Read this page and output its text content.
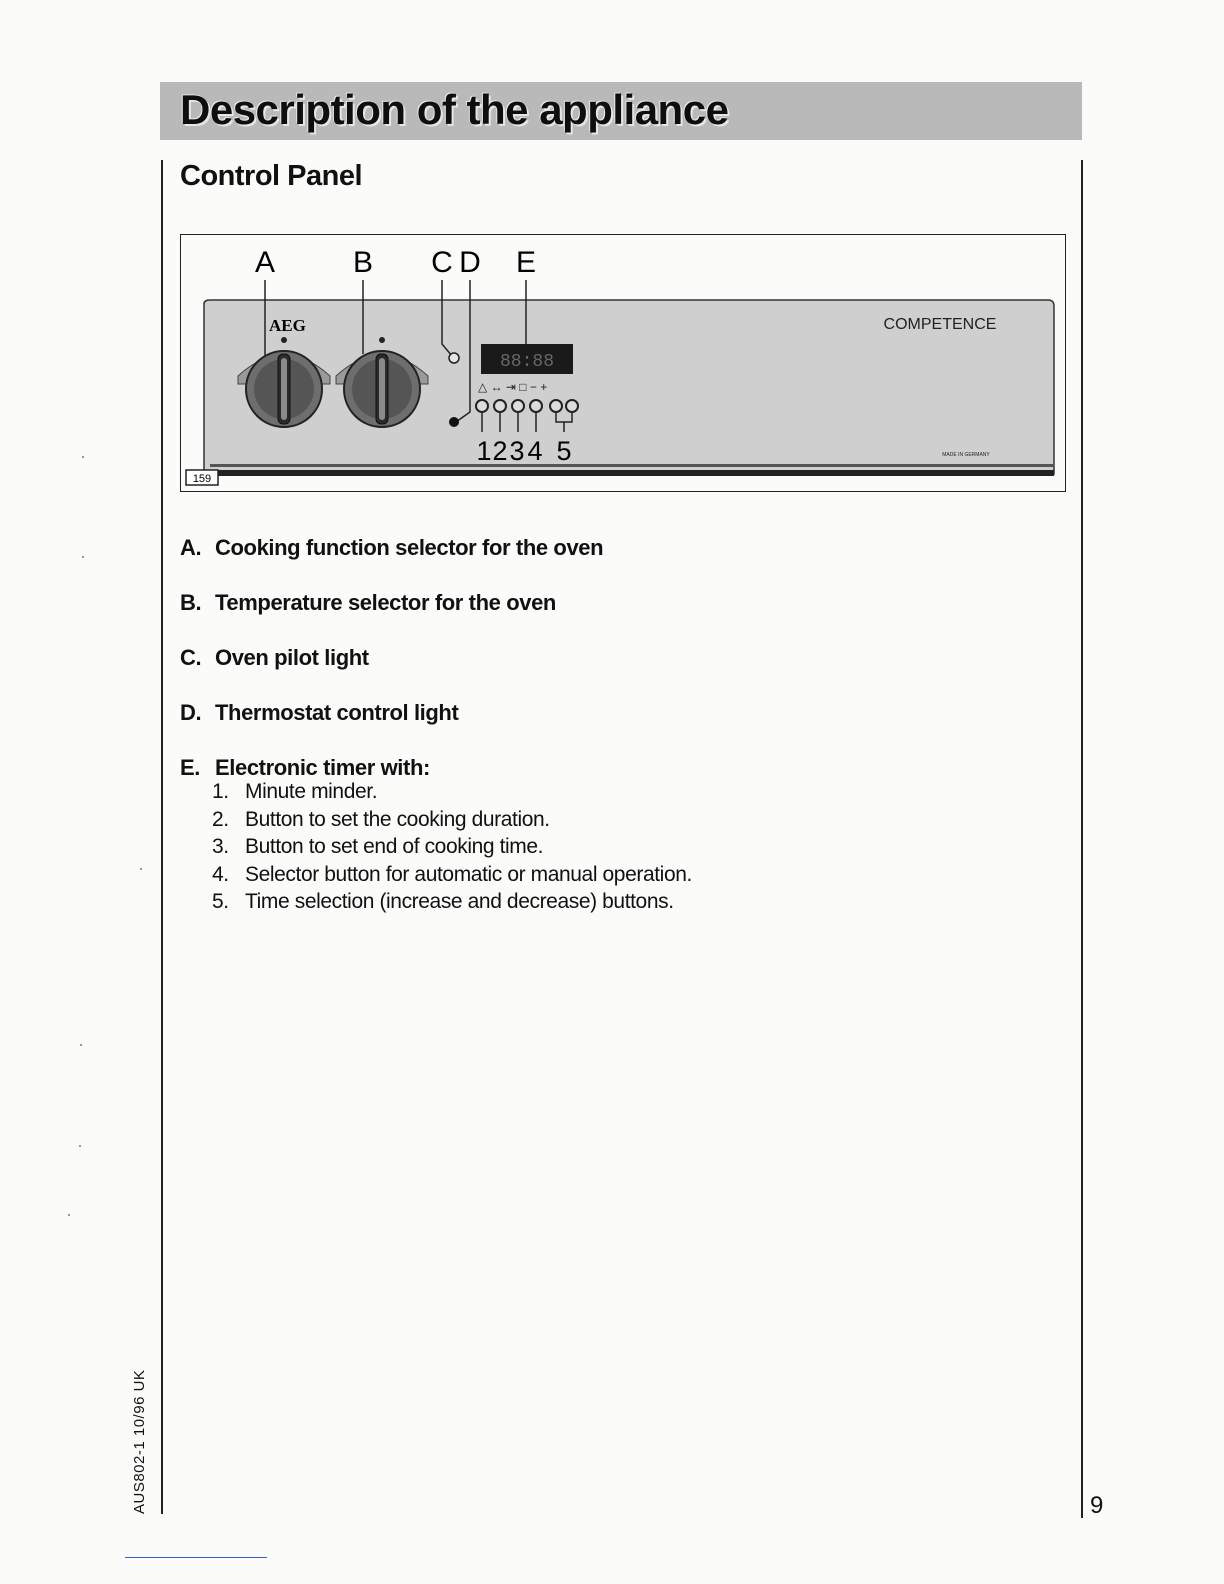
Description of the appliance
Control Panel
A	B C D E
AEG
88:88
△ ↔ ⇥ □ − +
1 2 3 4 5
COMPETENCE
MADE IN GERMANY
159
A. Cooking function selector for the oven
B. Temperature selector for the oven
C. Oven pilot light
D. Thermostat control light
E. Electronic timer with:
1. Minute minder.
2. Button to set the cooking duration.
3. Button to set end of cooking time.
4. Selector button for automatic or manual operation.
5. Time selection (increase and decrease) buttons.
AUS802-1 10/96 UK	9
